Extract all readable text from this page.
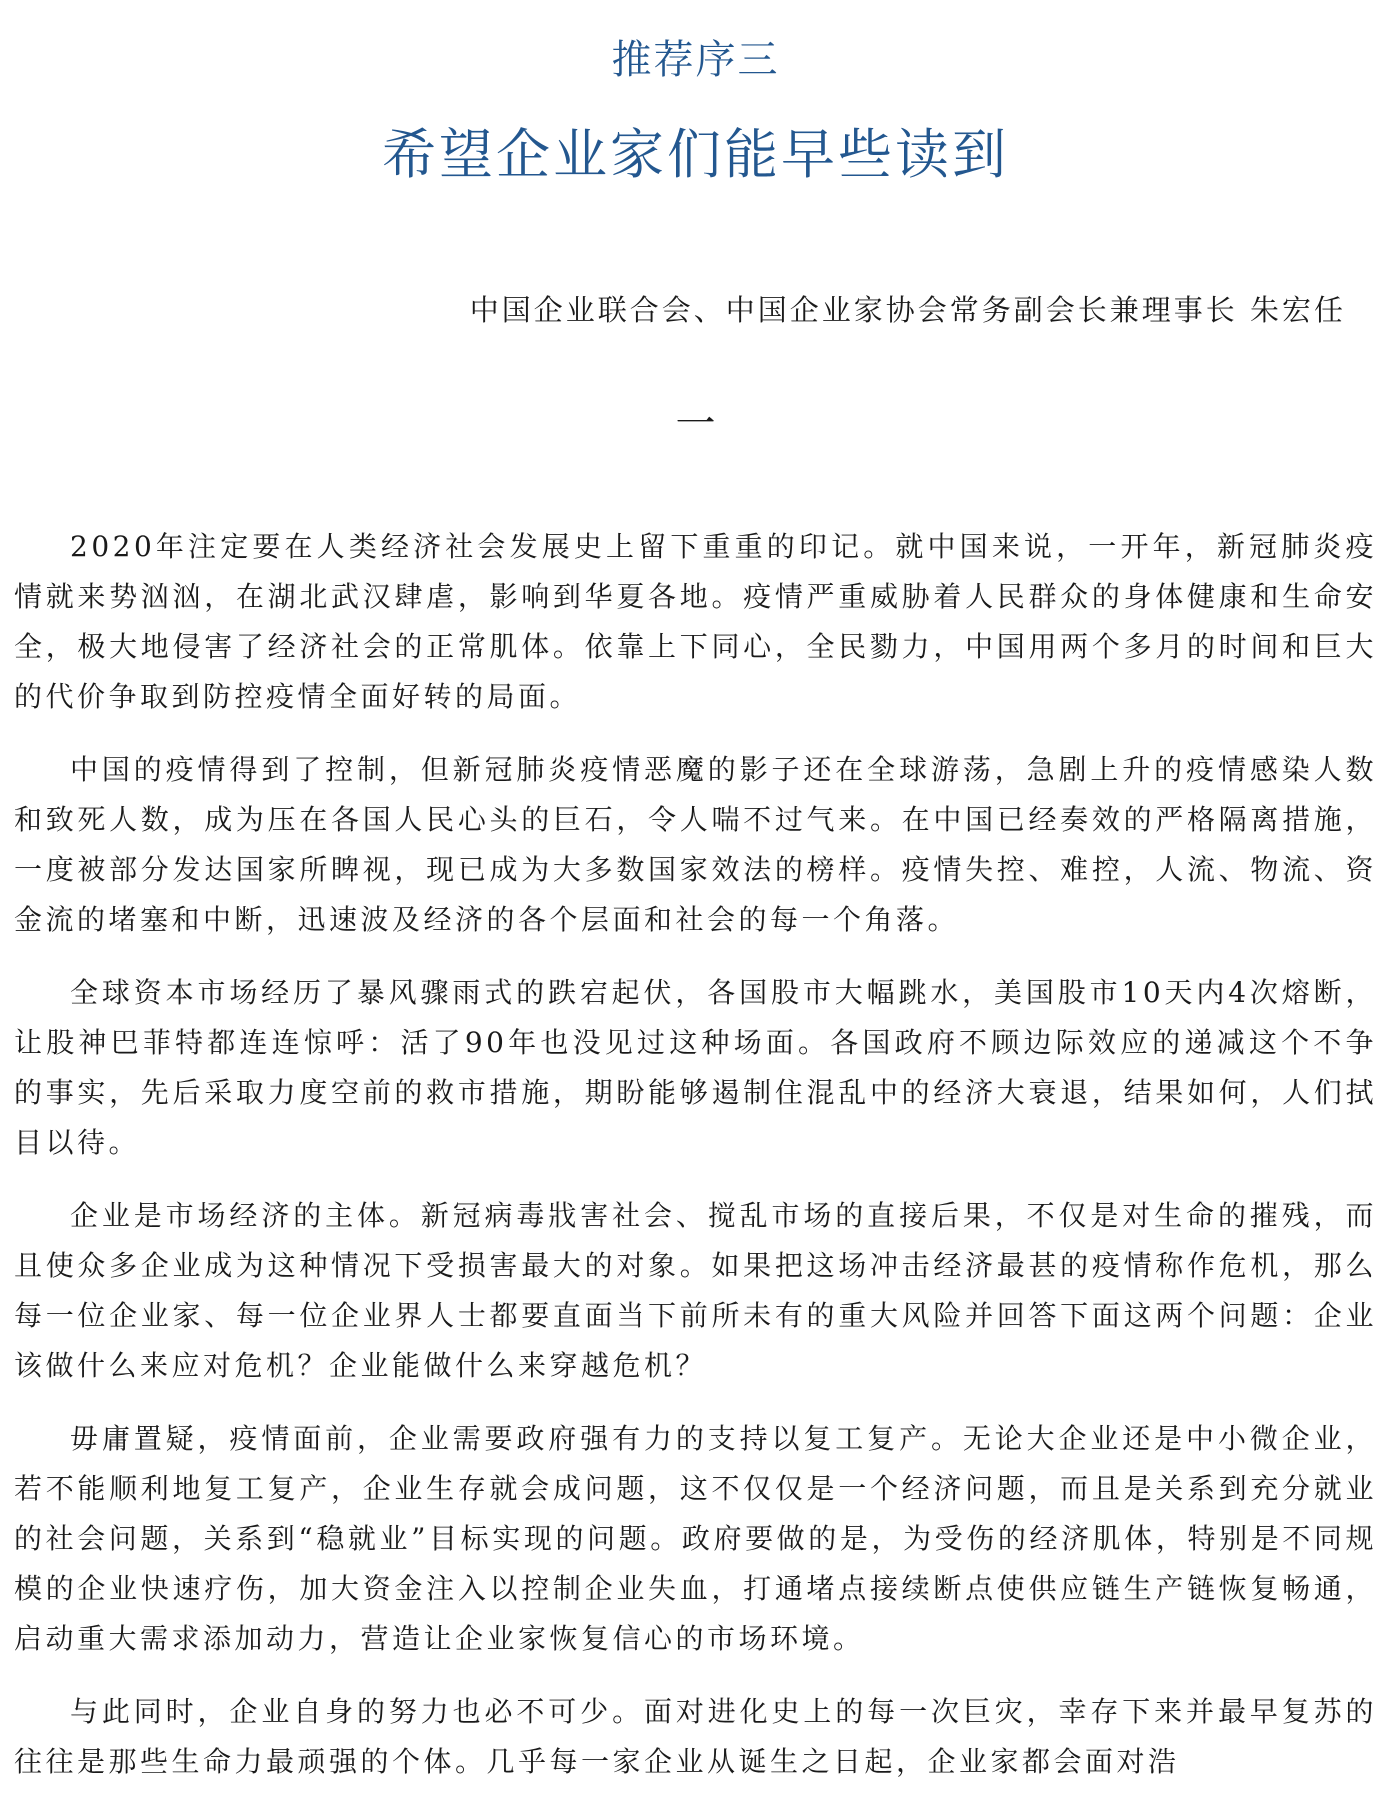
推荐序三
希望企业家们能早些读到
中国企业联合会、中国企业家协会常务副会长兼理事长 朱宏任
一

2020年注定要在人类经济社会发展史上留下重重的印记。就中国来说，一开年，新冠肺炎疫情就来势汹汹，在湖北武汉肆虐，影响到华夏各地。疫情严重威胁着人民群众的身体健康和生命安全，极大地侵害了经济社会的正常肌体。依靠上下同心，全民勠力，中国用两个多月的时间和巨大的代价争取到防控疫情全面好转的局面。

中国的疫情得到了控制，但新冠肺炎疫情恶魔的影子还在全球游荡，急剧上升的疫情感染人数和致死人数，成为压在各国人民心头的巨石，令人喘不过气来。在中国已经奏效的严格隔离措施，一度被部分发达国家所睥视，现已成为大多数国家效法的榜样。疫情失控、难控，人流、物流、资金流的堵塞和中断，迅速波及经济的各个层面和社会的每一个角落。

全球资本市场经历了暴风骤雨式的跌宕起伏，各国股市大幅跳水，美国股市10天内4次熔断，让股神巴菲特都连连惊呼：活了90年也没见过这种场面。各国政府不顾边际效应的递减这个不争的事实，先后采取力度空前的救市措施，期盼能够遏制住混乱中的经济大衰退，结果如何，人们拭目以待。

企业是市场经济的主体。新冠病毒戕害社会、搅乱市场的直接后果，不仅是对生命的摧残，而且使众多企业成为这种情况下受损害最大的对象。如果把这场冲击经济最甚的疫情称作危机，那么每一位企业家、每一位企业界人士都要直面当下前所未有的重大风险并回答下面这两个问题：企业该做什么来应对危机？企业能做什么来穿越危机？

毋庸置疑，疫情面前，企业需要政府强有力的支持以复工复产。无论大企业还是中小微企业，若不能顺利地复工复产，企业生存就会成问题，这不仅仅是一个经济问题，而且是关系到充分就业的社会问题，关系到“稳就业”目标实现的问题。政府要做的是，为受伤的经济肌体，特别是不同规模的企业快速疗伤，加大资金注入以控制企业失血，打通堵点接续断点使供应链生产链恢复畅通，启动重大需求添加动力，营造让企业家恢复信心的市场环境。

与此同时，企业自身的努力也必不可少。面对进化史上的每一次巨灾，幸存下来并最早复苏的往往是那些生命力最顽强的个体。几乎每一家企业从诞生之日起，企业家都会面对浩
